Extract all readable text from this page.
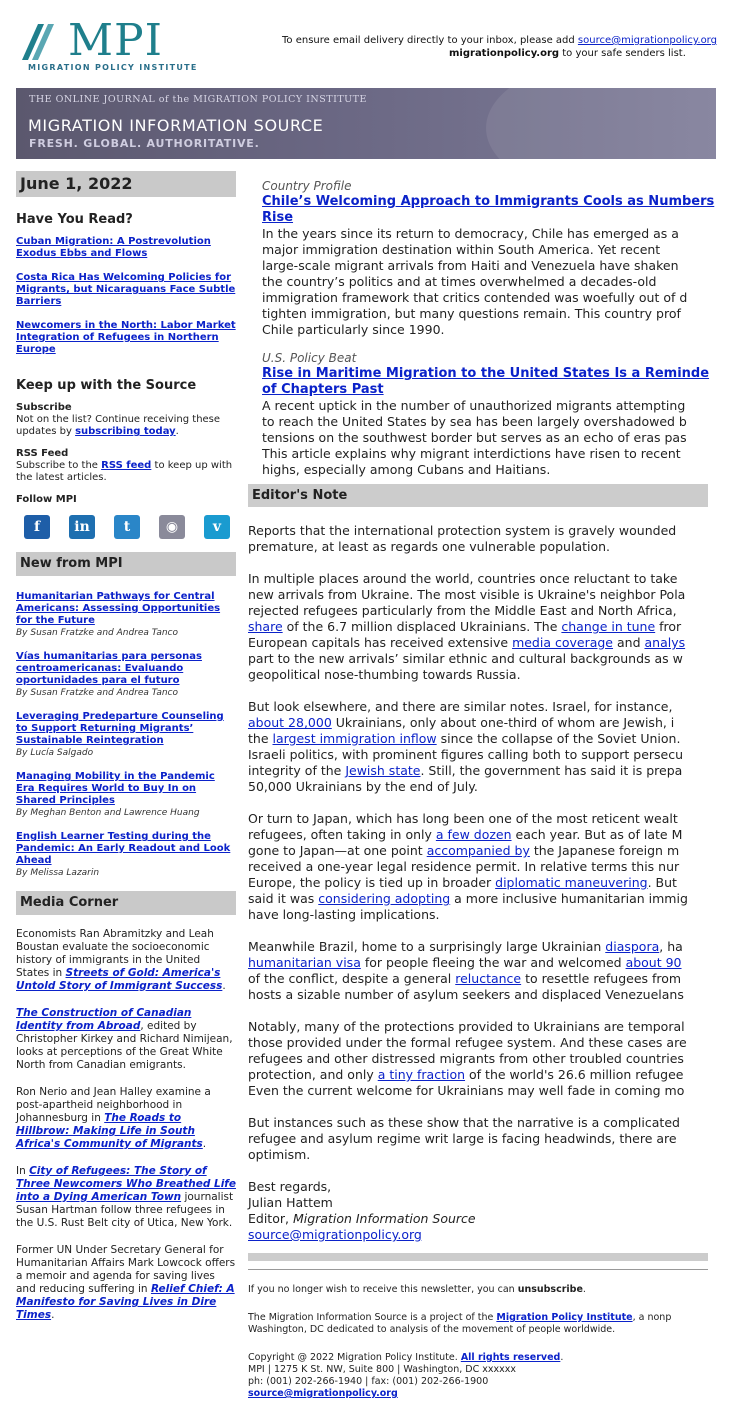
MPI
MIGRATION POLICY INSTITUTE
To ensure email delivery directly to your inbox, please add source@migrationpolicy.org
migrationpolicy.org to your safe senders list.
THE ONLINE JOURNAL of the MIGRATION POLICY INSTITUTE
MIGRATION INFORMATION SOURCE
FRESH. GLOBAL. AUTHORITATIVE.
June 1, 2022
Have You Read?
Cuban Migration: A Postrevolution Exodus Ebbs and Flows
Costa Rica Has Welcoming Policies for Migrants, but Nicaraguans Face Subtle Barriers
Newcomers in the North: Labor Market Integration of Refugees in Northern Europe
Keep up with the Source
Subscribe
Not on the list? Continue receiving these updates by subscribing today.
RSS Feed
Subscribe to the RSS feed to keep up with the latest articles.
Follow MPI
f	in	t	◉	v
New from MPI
Humanitarian Pathways for Central Americans: Assessing Opportunities for the Future
By Susan Fratzke and Andrea Tanco
Vías humanitarias para personas centroamericanas: Evaluando oportunidades para el futuro
By Susan Fratzke and Andrea Tanco
Leveraging Predeparture Counseling to Support Returning Migrants’ Sustainable Reintegration
By Lucía Salgado
Managing Mobility in the Pandemic Era Requires World to Buy In on Shared Principles
By Meghan Benton and Lawrence Huang
English Learner Testing during the Pandemic: An Early Readout and Look Ahead
By Melissa Lazarin
Media Corner

Economists Ran Abramitzky and Leah Boustan evaluate the socioeconomic history of immigrants in the United States in Streets of Gold: America's Untold Story of Immigrant Success.

The Construction of Canadian Identity from Abroad, edited by Christopher Kirkey and Richard Nimijean, looks at perceptions of the Great White North from Canadian emigrants.

Ron Nerio and Jean Halley examine a post-apartheid neighborhood in Johannesburg in The Roads to Hillbrow: Making Life in South Africa's Community of Migrants.

In City of Refugees: The Story of Three Newcomers Who Breathed Life into a Dying American Town journalist Susan Hartman follow three refugees in the U.S. Rust Belt city of Utica, New York.

Former UN Under Secretary General for Humanitarian Affairs Mark Lowcock offers a memoir and agenda for saving lives and reducing suffering in Relief Chief: A Manifesto for Saving Lives in Dire Times.

Country Profile
Chile’s Welcoming Approach to Immigrants Cools as Numbers
Rise

In the years since its return to democracy, Chile has emerged as a
major immigration destination within South America. Yet recent
large-scale migrant arrivals from Haiti and Venezuela have shaken
the country’s politics and at times overwhelmed a decades-old
immigration framework that critics contended was woefully out of d
tighten immigration, but many questions remain. This country prof
Chile particularly since 1990.

U.S. Policy Beat
Rise in Maritime Migration to the United States Is a Reminde
of Chapters Past

A recent uptick in the number of unauthorized migrants attempting
to reach the United States by sea has been largely overshadowed b
tensions on the southwest border but serves as an echo of eras pas
This article explains why migrant interdictions have risen to recent
highs, especially among Cubans and Haitians.

Editor's Note
Reports that the international protection system is gravely wounded
premature, at least as regards one vulnerable population.
In multiple places around the world, countries once reluctant to take
new arrivals from Ukraine. The most visible is Ukraine's neighbor Pola
rejected refugees particularly from the Middle East and North Africa,
share of the 6.7 million displaced Ukrainians. The change in tune fror
European capitals has received extensive media coverage and analys
part to the new arrivals’ similar ethnic and cultural backgrounds as w
geopolitical nose-thumbing towards Russia.
But look elsewhere, and there are similar notes. Israel, for instance,
about 28,000 Ukrainians, only about one-third of whom are Jewish, i
the largest immigration inflow since the collapse of the Soviet Union.
Israeli politics, with prominent figures calling both to support persecu
integrity of the Jewish state. Still, the government has said it is prepa
50,000 Ukrainians by the end of July.
Or turn to Japan, which has long been one of the most reticent wealt
refugees, often taking in only a few dozen each year. But as of late M
gone to Japan—at one point accompanied by the Japanese foreign m
received a one-year legal residence permit. In relative terms this nur
Europe, the policy is tied up in broader diplomatic maneuvering. But
said it was considering adopting a more inclusive humanitarian immig
have long-lasting implications.
Meanwhile Brazil, home to a surprisingly large Ukrainian diaspora, ha
humanitarian visa for people fleeing the war and welcomed about 90
of the conflict, despite a general reluctance to resettle refugees from
hosts a sizable number of asylum seekers and displaced Venezuelans
Notably, many of the protections provided to Ukrainians are temporal
those provided under the formal refugee system. And these cases are
refugees and other distressed migrants from other troubled countries
protection, and only a tiny fraction of the world's 26.6 million refugee
Even the current welcome for Ukrainians may well fade in coming mo
But instances such as these show that the narrative is a complicated
refugee and asylum regime writ large is facing headwinds, there are
optimism.
Best regards,
Julian Hattem
Editor, Migration Information Source
source@migrationpolicy.org

If you no longer wish to receive this newsletter, you can unsubscribe.

The Migration Information Source is a project of the Migration Policy Institute, a nonp
Washington, DC dedicated to analysis of the movement of people worldwide.

Copyright @ 2022 Migration Policy Institute. All rights reserved.
MPI | 1275 K St. NW, Suite 800 | Washington, DC xxxxxx
ph: (001) 202-266-1940 | fax: (001) 202-266-1900
source@migrationpolicy.org
